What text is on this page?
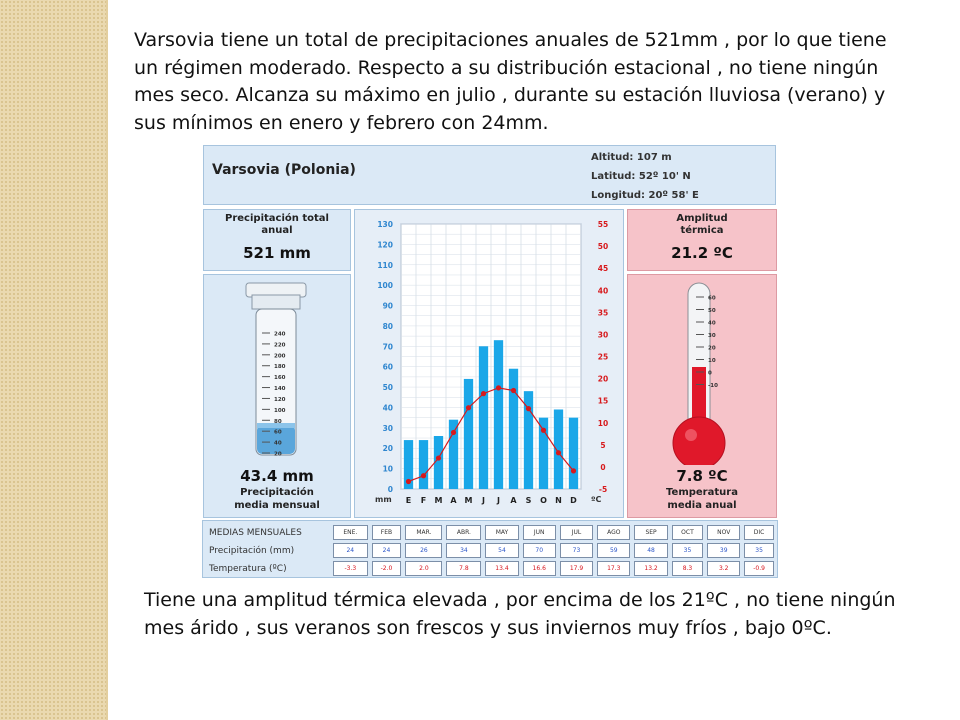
Varsovia tiene un total de precipitaciones anuales de 521mm , por lo que tiene un régimen moderado. Respecto a su distribución estacional , no tiene ningún mes seco. Alcanza su máximo en julio , durante su estación lluviosa (verano) y sus mínimos en enero y febrero con 24mm.
Varsovia (Polonia)
Altitud: 107 m
Latitud: 52º 10' N
Longitud: 20º 58' E
Precipitación total
anual
521 mm
240
220
200
180
160
140
120
100
80
60
40
20
43.4 mm
Precipitación
media mensual
0
10
20
30
40
50
60
70
80
90
100
110
120
130
-5
0
5
10
15
20
25
30
35
40
45
50
55
E F M A M J J A S O N D
mm	ºC
Amplitud
térmica
21.2 ºC
60
50
40
30
20
10
0
-10
7.8 ºC
Temperatura
media anual
MEDIAS MENSUALES	ENE.	FEB	MAR.	ABR.	MAY	JUN	JUL	AGO	SEP	OCT	NOV	DIC
Precipitación (mm)	24	24	26	34	54	70	73	59	48	35	39	35
Temperatura (ºC)	-3.3	-2.0	2.0	7.8	13.4	16.6	17.9	17.3	13.2	8.3	3.2	-0.9
Tiene una amplitud térmica elevada , por encima de los 21ºC , no tiene ningún mes árido , sus veranos son frescos y sus inviernos muy fríos , bajo 0ºC.
